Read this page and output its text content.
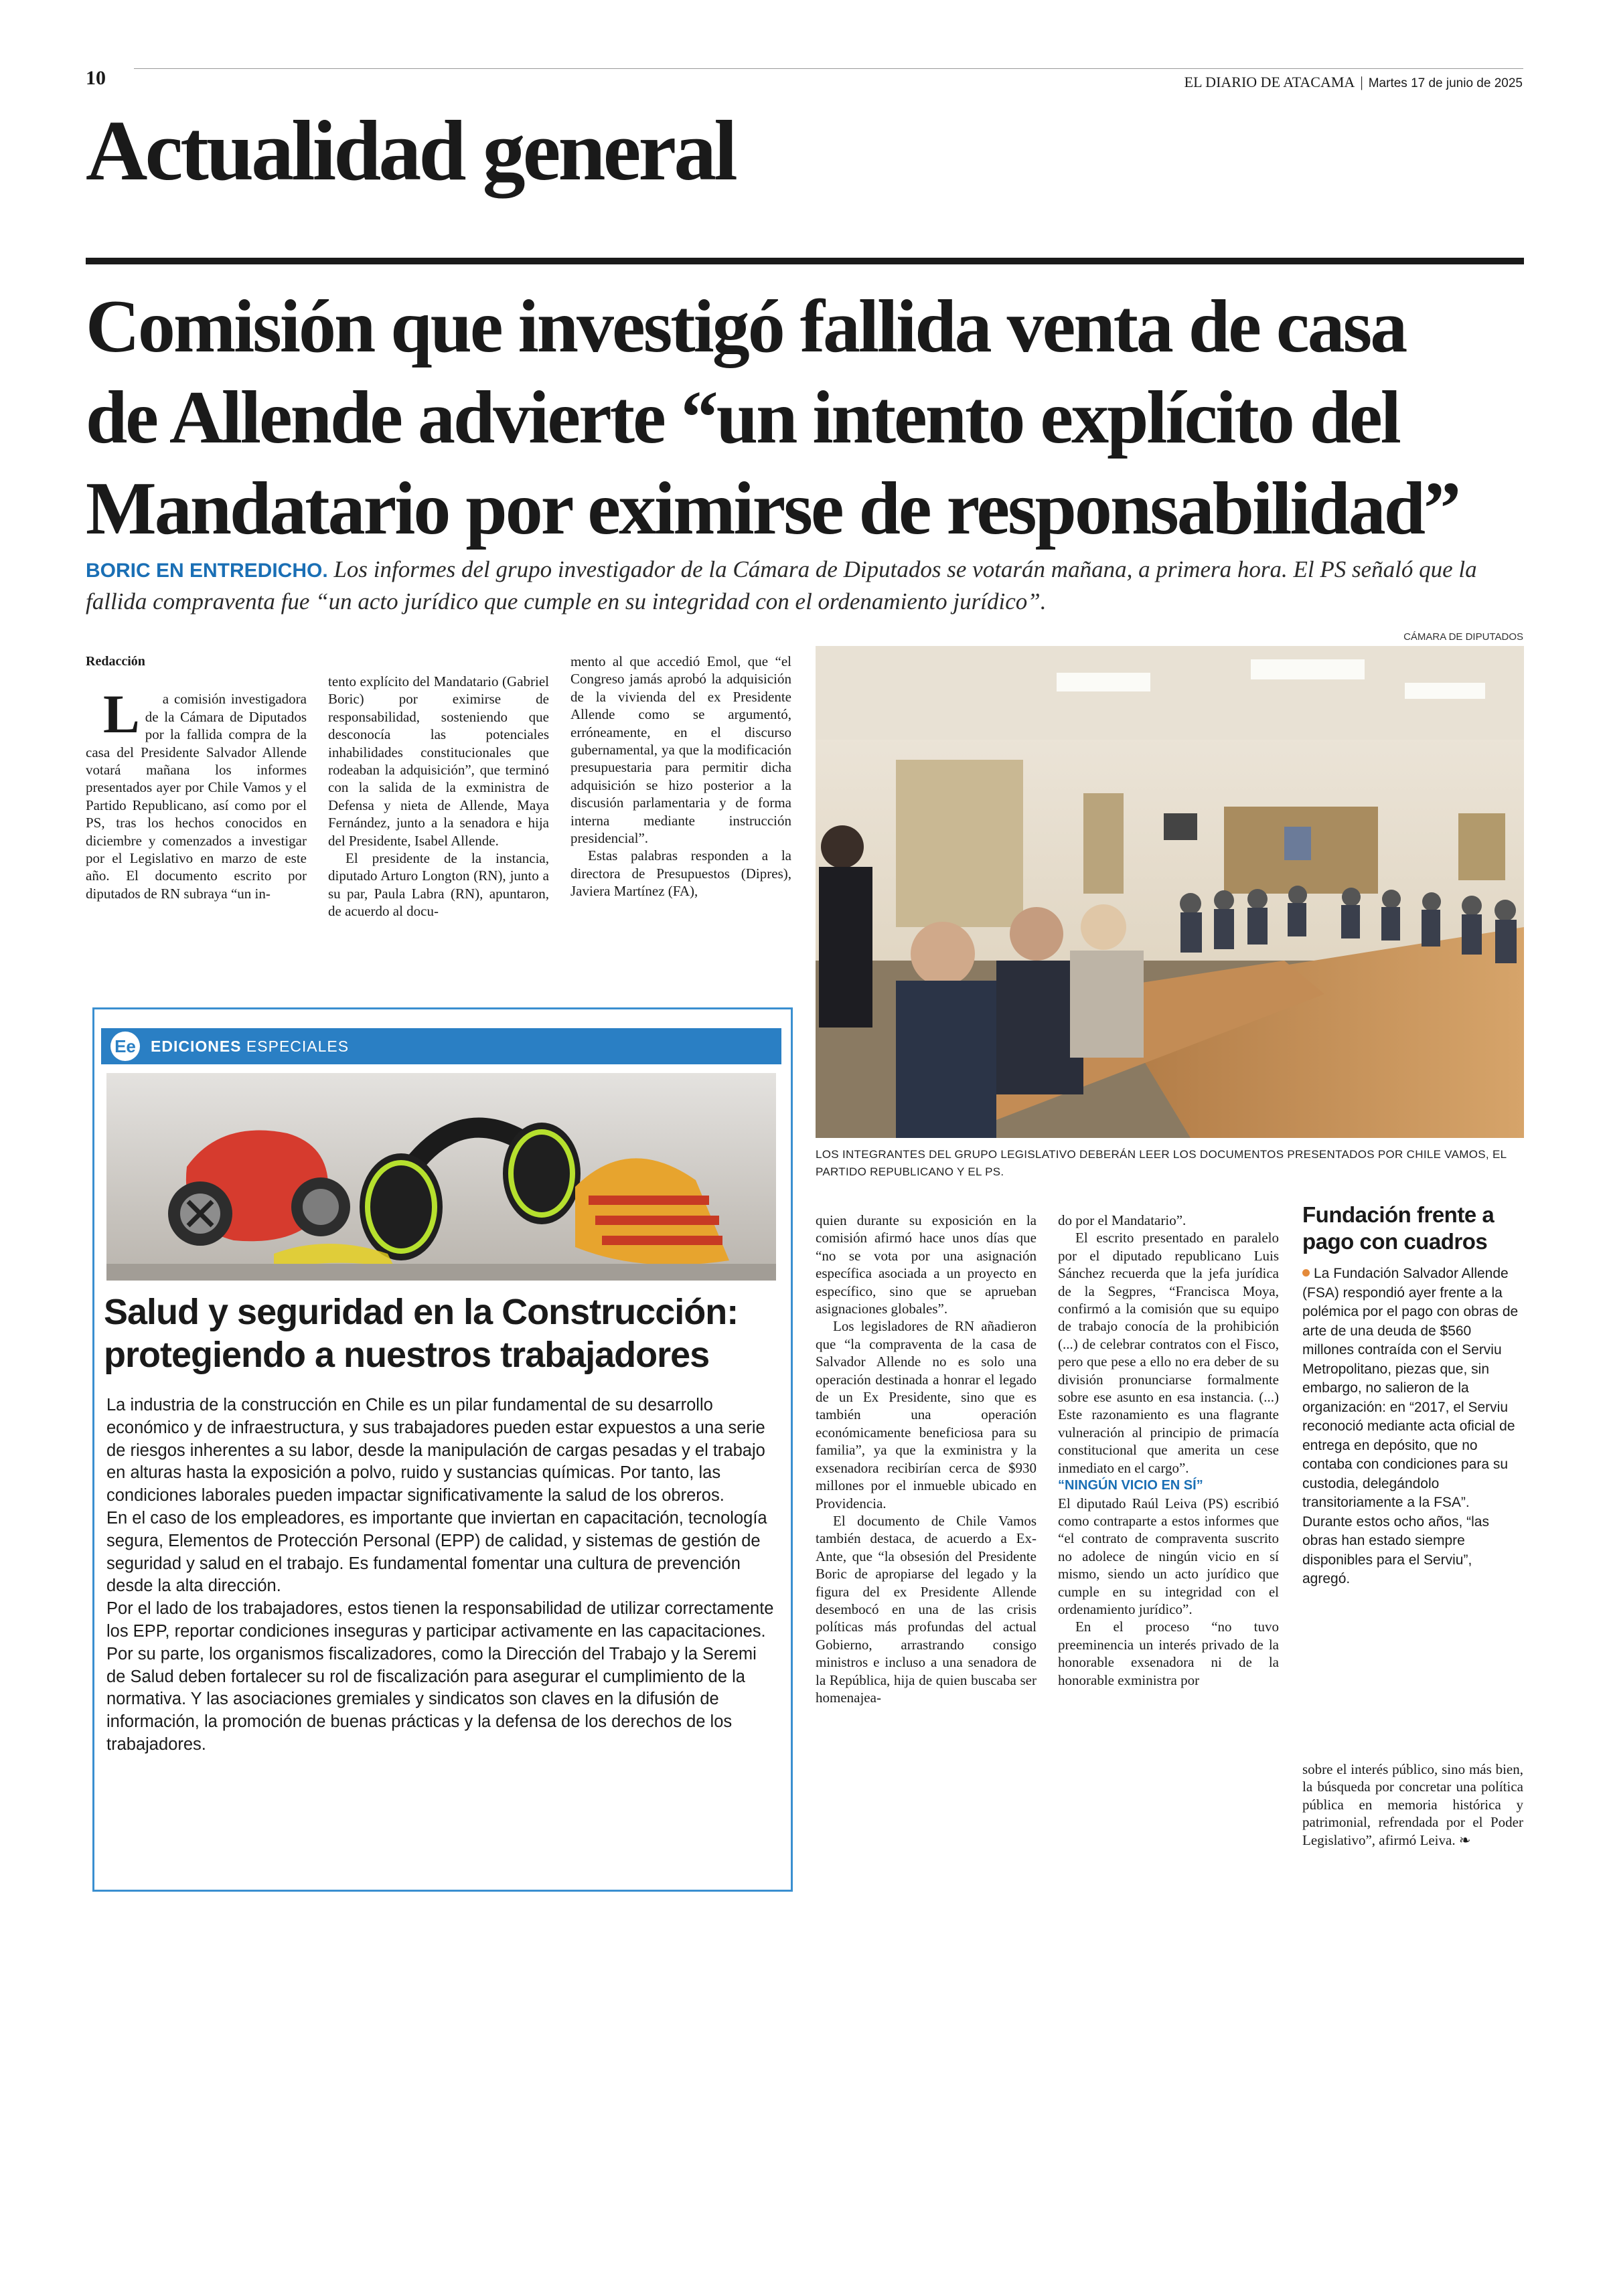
10	EL DIARIO DE ATACAMA | Martes 17 de junio de 2025
Actualidad general
Comisión que investigó fallida venta de casa
de Allende advierte “un intento explícito del
Mandatario por eximirse de responsabilidad”
BORIC EN ENTREDICHO. Los informes del grupo investigador de la Cámara de Diputados se votarán mañana, a primera hora. El PS señaló que la fallida compraventa fue “un acto jurídico que cumple en su integridad con el ordenamiento jurídico”.

Redacción

La comisión investigadora de la Cámara de Diputados por la fallida compra de la casa del Presidente Salvador Allende votará mañana los informes presentados ayer por Chile Vamos y el Partido Republicano, así como por el PS, tras los hechos conocidos en diciembre y comenzados a investigar por el Legislativo en marzo de este año. El documento escrito por diputados de RN subraya “un in-

tento explícito del Mandatario (Gabriel Boric) por eximirse de responsabilidad, sosteniendo que desconocía las potenciales inhabilidades constitucionales que rodeaban la adquisición”, que terminó con la salida de la exministra de Defensa y nieta de Allende, Maya Fernández, junto a la senadora e hija del Presidente, Isabel Allende.

El presidente de la instancia, diputado Arturo Longton (RN), junto a su par, Paula Labra (RN), apuntaron, de acuerdo al docu-

mento al que accedió Emol, que “el Congreso jamás aprobó la adquisición de la vivienda del ex Presidente Allende como se argumentó, erróneamente, en el discurso gubernamental, ya que la modificación presupuestaria para permitir dicha adquisición se hizo posterior a la discusión parlamentaria y de forma interna mediante instrucción presidencial”.

Estas palabras responden a la directora de Presupuestos (Dipres), Javiera Martínez (FA),

CÁMARA DE DIPUTADOS
LOS INTEGRANTES DEL GRUPO LEGISLATIVO DEBERÁN LEER LOS DOCUMENTOS PRESENTADOS POR CHILE VAMOS, EL PARTIDO REPUBLICANO Y EL PS.

quien durante su exposición en la comisión afirmó hace unos días que “no se vota por una asignación específica asociada a un proyecto en específico, sino que se aprueban asignaciones globales”.

Los legisladores de RN añadieron que “la compraventa de la casa de Salvador Allende no es solo una operación destinada a honrar el legado de un Ex Presidente, sino que es también una operación económicamente beneficiosa para su familia”, ya que la exministra y la exsenadora recibirían cerca de $930 millones por el inmueble ubicado en Providencia.

El documento de Chile Vamos también destaca, de acuerdo a Ex-Ante, que “la obsesión del Presidente Boric de apropiarse del legado y la figura del ex Presidente Allende desembocó en una de las crisis políticas más profundas del actual Gobierno, arrastrando consigo ministros e incluso a una senadora de la República, hija de quien buscaba ser homenajea-

do por el Mandatario”.

El escrito presentado en paralelo por el diputado republicano Luis Sánchez recuerda que la jefa jurídica de la Segpres, “Francisca Moya, confirmó a la comisión que su equipo de trabajo conocía de la prohibición (...) de celebrar contratos con el Fisco, pero que pese a ello no era deber de su división pronunciarse formalmente sobre ese asunto en esa instancia. (...) Este razonamiento es una flagrante vulneración al principio de primacía constitucional que amerita un cese inmediato en el cargo”.

“NINGÚN VICIO EN SÍ”

El diputado Raúl Leiva (PS) escribió como contraparte a estos informes que “el contrato de compraventa suscrito no adolece de ningún vicio en sí mismo, siendo un acto jurídico que cumple en su integridad con el ordenamiento jurídico”.

En el proceso “no tuvo preeminencia un interés privado de la honorable exsenadora ni de la honorable exministra por

Fundación frente a pago con cuadros
La Fundación Salvador Allende (FSA) respondió ayer frente a la polémica por el pago con obras de arte de una deuda de $560 millones contraída con el Serviu Metropolitano, piezas que, sin embargo, no salieron de la organización: en “2017, el Serviu reconoció mediante acta oficial de entrega en depósito, que no contaba con condiciones para su custodia, delegándolo transitoriamente a la FSA”. Durante estos ocho años, “las obras han estado siempre disponibles para el Serviu”, agregó.

sobre el interés público, sino más bien, la búsqueda por concretar una política pública en memoria histórica y patrimonial, refrendada por el Poder Legislativo”, afirmó Leiva. ❧

Ee EDICIONES ESPECIALES
Salud y seguridad en la Construcción:
protegiendo a nuestros trabajadores

La industria de la construcción en Chile es un pilar fundamental de su desarrollo económico y de infraestructura, y sus trabajadores pueden estar expuestos a una serie de riesgos inherentes a su labor, desde la manipulación de cargas pesadas y el trabajo en alturas hasta la exposición a polvo, ruido y sustancias químicas. Por tanto, las condiciones laborales pueden impactar significativamente la salud de los obreros.

En el caso de los empleadores, es importante que inviertan en capacitación, tecnología segura, Elementos de Protección Personal (EPP) de calidad, y sistemas de gestión de seguridad y salud en el trabajo. Es fundamental fomentar una cultura de prevención desde la alta dirección.

Por el lado de los trabajadores, estos tienen la responsabilidad de utilizar correctamente los EPP, reportar condiciones inseguras y participar activamente en las capacitaciones.

Por su parte, los organismos fiscalizadores, como la Dirección del Trabajo y la Seremi de Salud deben fortalecer su rol de fiscalización para asegurar el cumplimiento de la normativa. Y las asociaciones gremiales y sindicatos son claves en la difusión de información, la promoción de buenas prácticas y la defensa de los derechos de los trabajadores.
